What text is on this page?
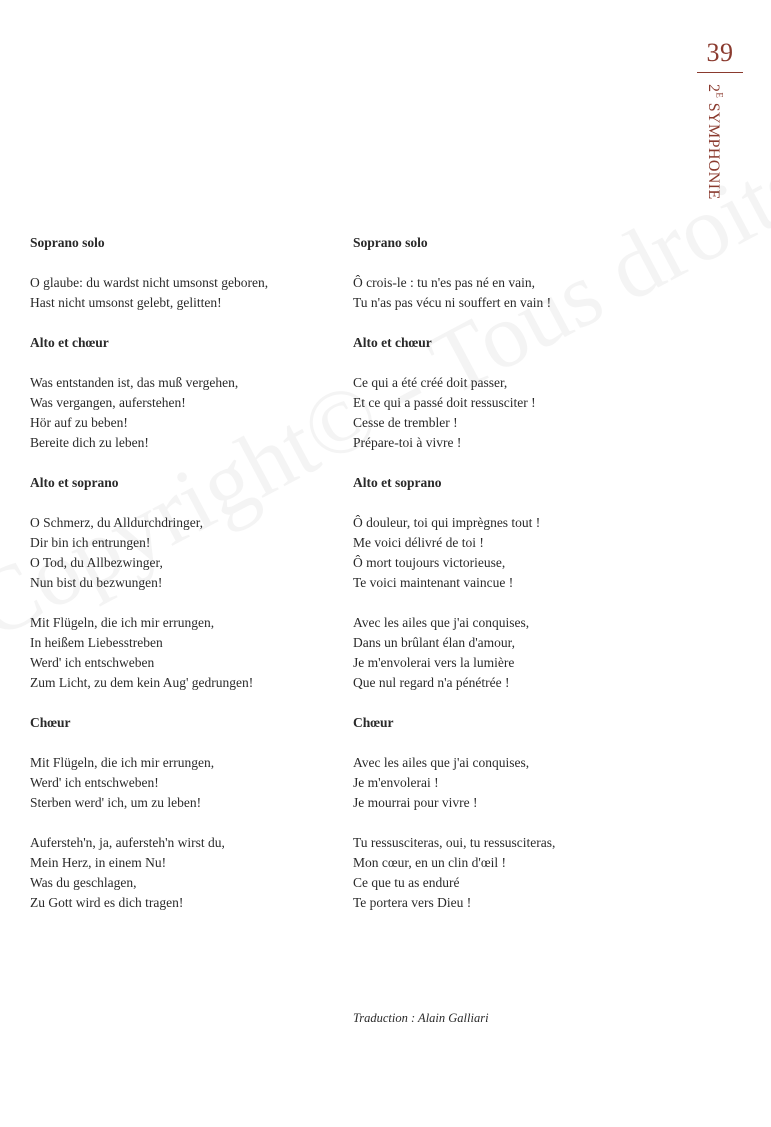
39
$2^E$ SYMPHONIE
Soprano solo
O glaube: du wardst nicht umsonst geboren,
Hast nicht umsonst gelebt, gelitten!
Alto et chœur
Was entstanden ist, das muß vergehen,
Was vergangen, auferstehen!
Hör auf zu beben!
Bereite dich zu leben!
Alto et soprano
O Schmerz, du Alldurchdringer,
Dir bin ich entrungen!
O Tod, du Allbezwinger,
Nun bist du bezwungen!
Mit Flügeln, die ich mir errungen,
In heißem Liebesstreben
Werd' ich entschweben
Zum Licht, zu dem kein Aug' gedrungen!
Chœur
Mit Flügeln, die ich mir errungen,
Werd' ich entschweben!
Sterben werd' ich, um zu leben!
Aufersteh'n, ja, aufersteh'n wirst du,
Mein Herz, in einem Nu!
Was du geschlagen,
Zu Gott wird es dich tragen!
Soprano solo
Ô crois-le : tu n'es pas né en vain,
Tu n'as pas vécu ni souffert en vain !
Alto et chœur
Ce qui a été créé doit passer,
Et ce qui a passé doit ressusciter !
Cesse de trembler !
Prépare-toi à vivre !
Alto et soprano
Ô douleur, toi qui imprègnes tout !
Me voici délivré de toi !
Ô mort toujours victorieuse,
Te voici maintenant vaincue !
Avec les ailes que j'ai conquises,
Dans un brûlant élan d'amour,
Je m'envolerai vers la lumière
Que nul regard n'a pénétrée !
Chœur
Avec les ailes que j'ai conquises,
Je m'envolerai !
Je mourrai pour vivre !
Tu ressusciteras, oui, tu ressusciteras,
Mon cœur, en un clin d'œil !
Ce que tu as enduré
Te portera vers Dieu !
Traduction : Alain Galliari
